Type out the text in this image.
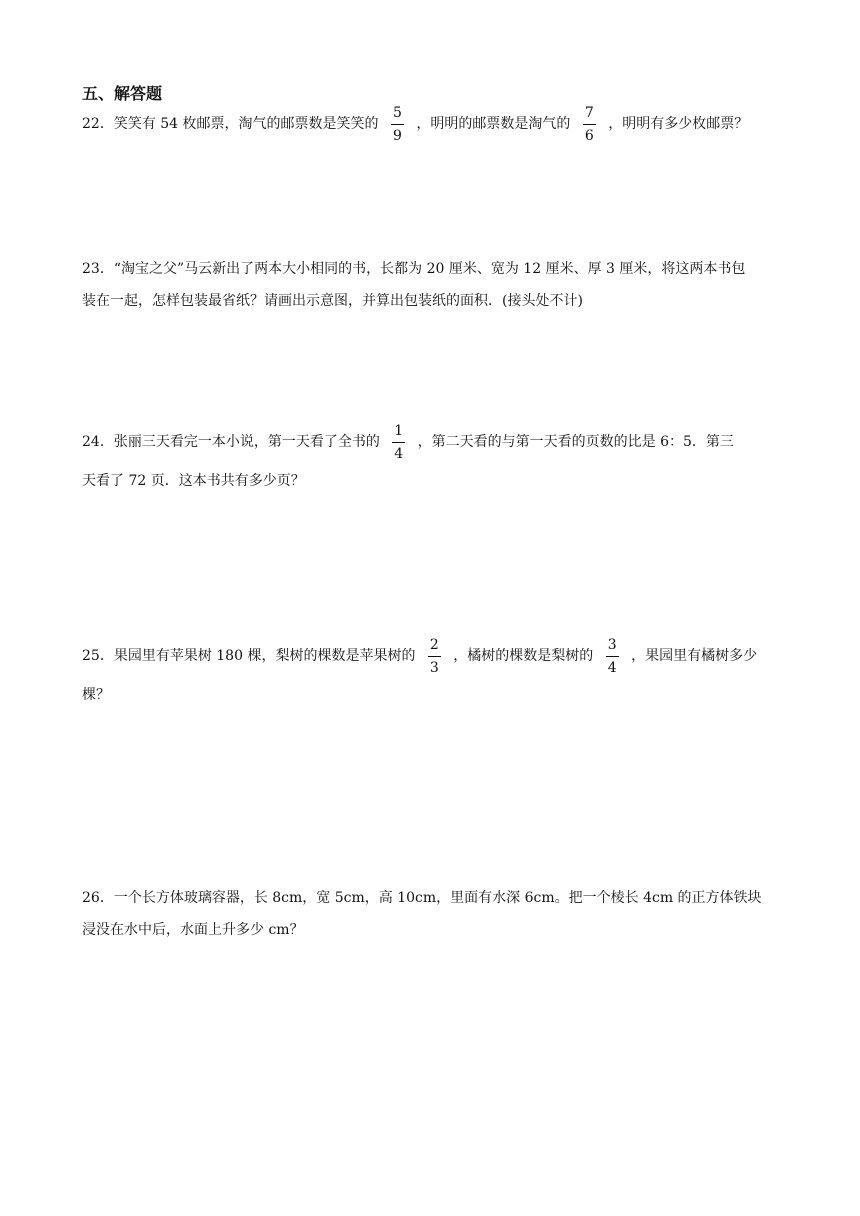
五、解答题
22．笑笑有 54 枚邮票，淘气的邮票数是笑笑的 $\frac{5}{9}$ ，明明的邮票数是淘气的 $\frac{7}{6}$ ，明明有多少枚邮票？
23．“淘宝之父”马云新出了两本大小相同的书，长都为 20 厘米、宽为 12 厘米、厚 3 厘米，将这两本书包
装在一起，怎样包装最省纸？请画出示意图，并算出包装纸的面积．(接头处不计)
24．张丽三天看完一本小说，第一天看了全书的 $\frac{1}{4}$ ，第二天看的与第一天看的页数的比是 6：5．第三
天看了 72 页．这本书共有多少页？
25．果园里有苹果树 180 棵，梨树的棵数是苹果树的 $\frac{2}{3}$ ，橘树的棵数是梨树的 $\frac{3}{4}$ ，果园里有橘树多少
棵？
26．一个长方体玻璃容器，长 8cm，宽 5cm，高 10cm，里面有水深 6cm。把一个棱长 4cm 的正方体铁块
浸没在水中后，水面上升多少 cm？
